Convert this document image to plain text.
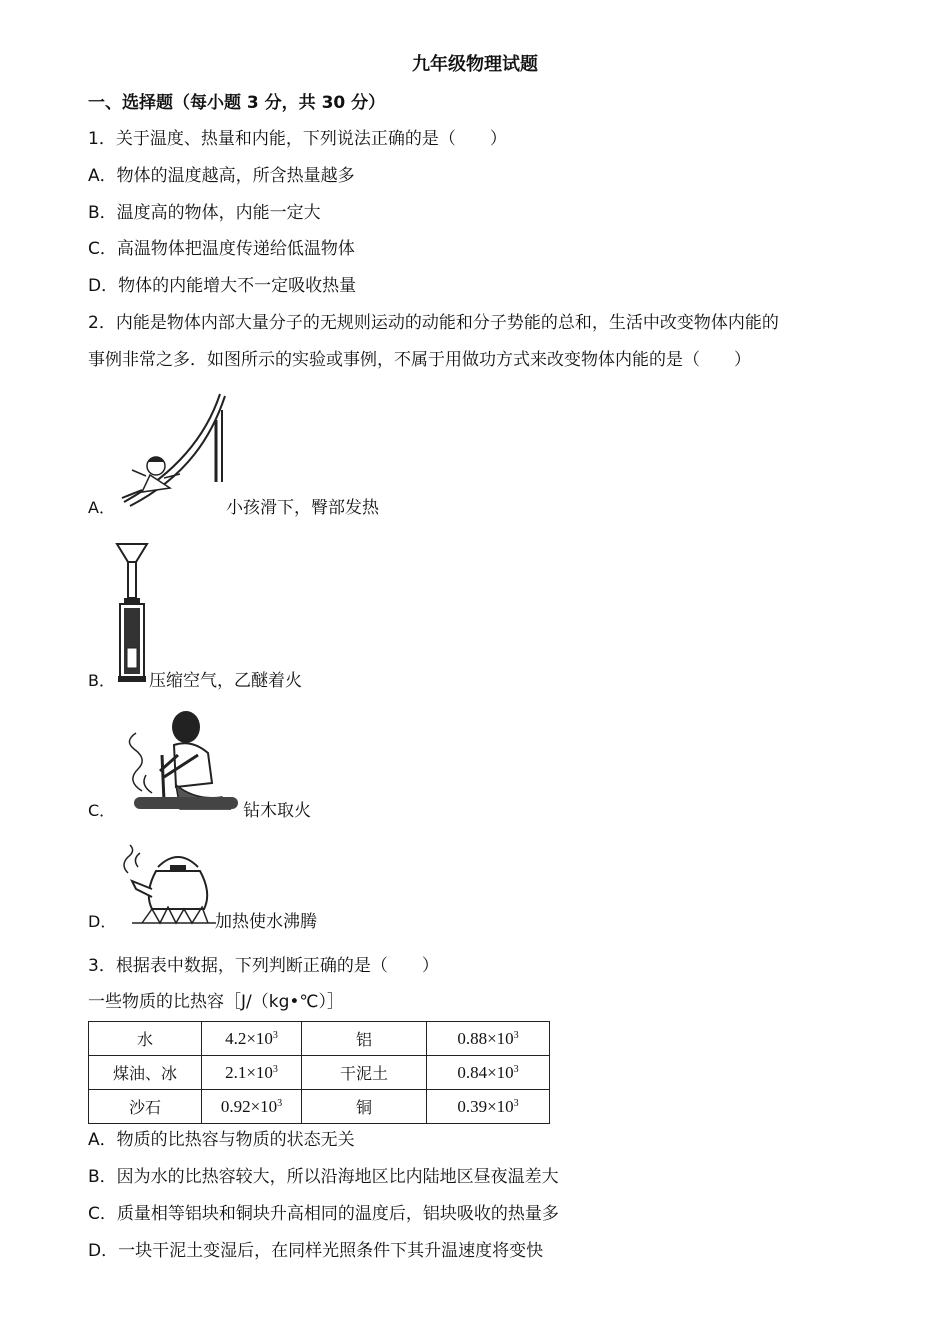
九年级物理试题
一、选择题（每小题 3 分，共 30 分）
1．关于温度、热量和内能，下列说法正确的是（　　）
A．物体的温度越高，所含热量越多
B．温度高的物体，内能一定大
C．高温物体把温度传递给低温物体
D．物体的内能增大不一定吸收热量
2．内能是物体内部大量分子的无规则运动的动能和分子势能的总和，生活中改变物体内能的
事例非常之多．如图所示的实验或事例，不属于用做功方式来改变物体内能的是（　　）
A．	小孩滑下，臀部发热
B． 压缩空气，乙醚着火
C．	钻木取火
D．	加热使水沸腾
3．根据表中数据，下列判断正确的是（　　）
一些物质的比热容［J/（kg•℃）］
水	$4.2\times 10^3$	铝	$0.88\times 10^3$
煤油、冰	$2.1\times 10^3$	干泥土	$0.84\times 10^3$
沙石	$0.92\times 10^3$	铜	$0.39\times 10^3$
A．物质的比热容与物质的状态无关
B．因为水的比热容较大，所以沿海地区比内陆地区昼夜温差大
C．质量相等铝块和铜块升高相同的温度后，铝块吸收的热量多
D．一块干泥土变湿后，在同样光照条件下其升温速度将变快
